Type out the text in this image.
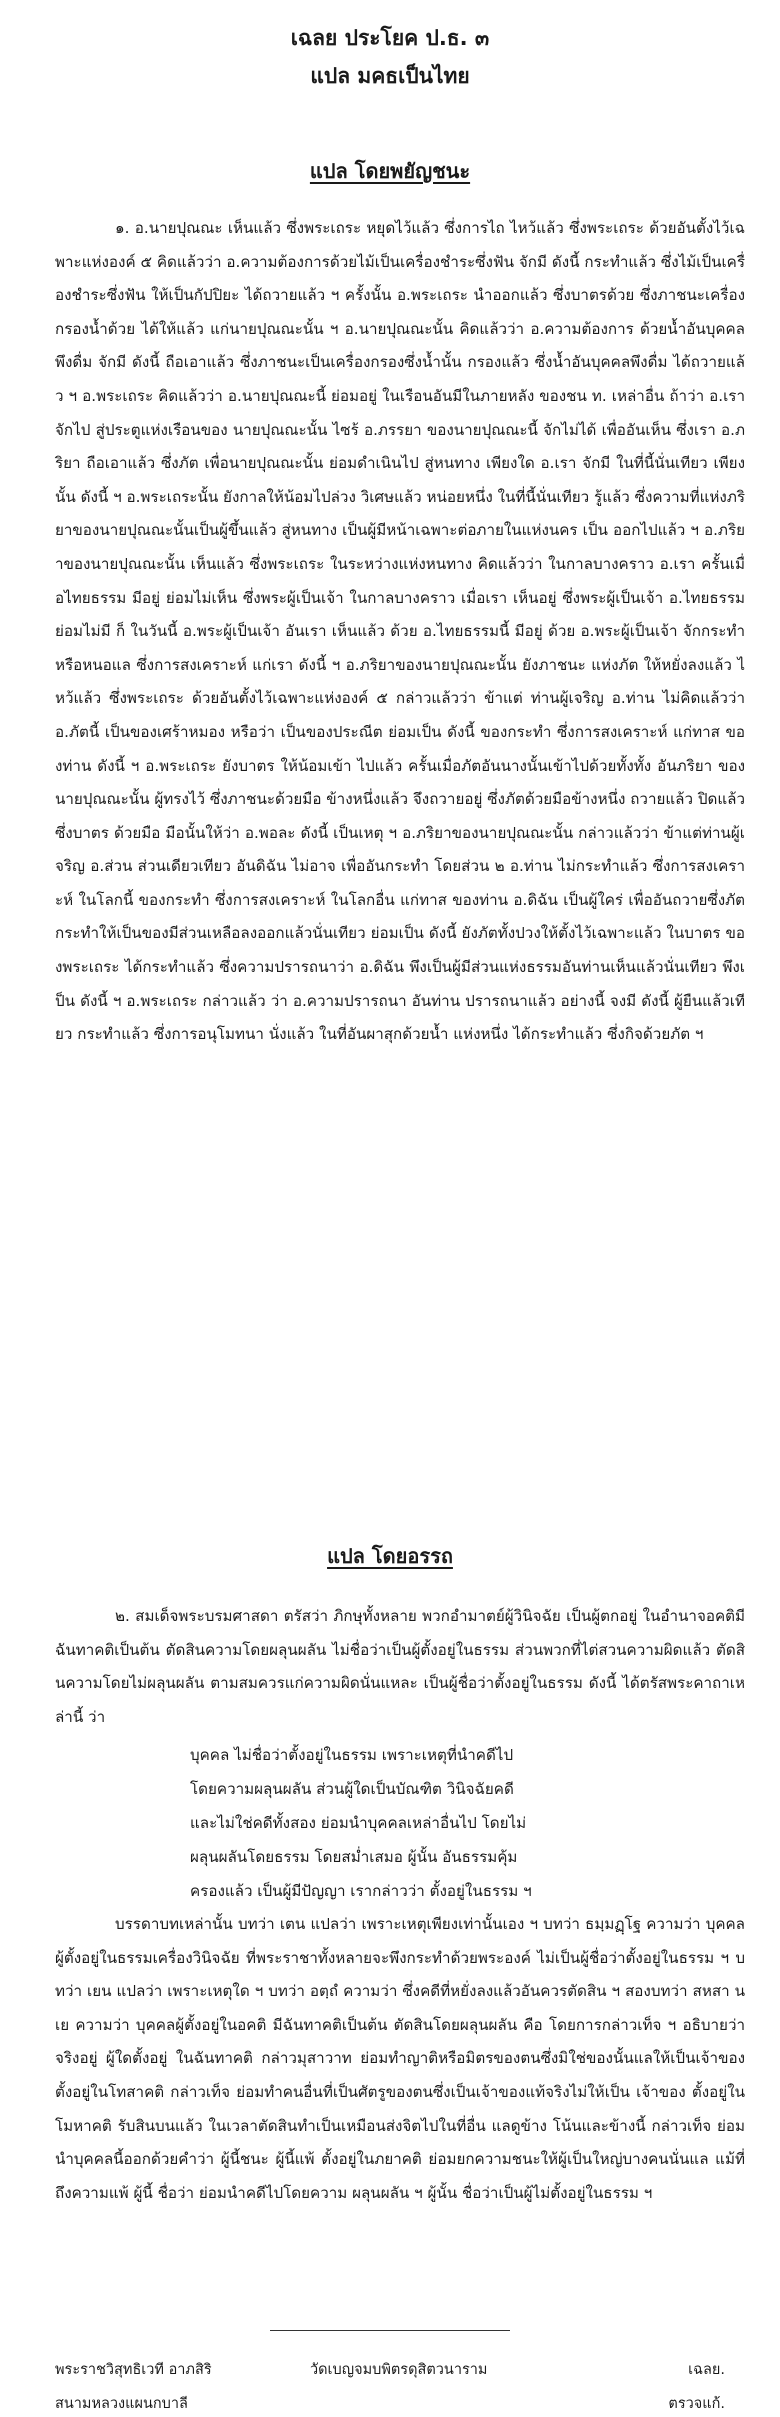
เฉลย ประโยค ป.ธ. ๓
แปล มคธเป็นไทย
แปล โดยพยัญชนะ

๑. อ.นายปุณณะ เห็นแล้ว ซึ่งพระเถระ หยุดไว้แล้ว ซึ่งการไถ ไหว้แล้ว ซึ่งพระเถระ ด้วยอันตั้งไว้เฉพาะแห่งองค์ ๕ คิดแล้วว่า อ.ความต้องการด้วยไม้เป็นเครื่องชำระซึ่งฟัน จักมี ดังนี้ กระทำแล้ว ซึ่งไม้เป็นเครื่องชำระซึ่งฟัน ให้เป็นกัปปิยะ ได้ถวายแล้ว ฯ ครั้งนั้น อ.พระเถระ นำออกแล้ว ซึ่งบาตรด้วย ซึ่งภาชนะเครื่องกรองน้ำด้วย ได้ให้แล้ว แก่นายปุณณะนั้น ฯ อ.นายปุณณะนั้น คิดแล้วว่า อ.ความต้องการ ด้วยน้ำอันบุคคลพึงดื่ม จักมี ดังนี้ ถือเอาแล้ว ซึ่งภาชนะเป็นเครื่องกรองซึ่งน้ำนั้น กรองแล้ว ซึ่งน้ำอันบุคคลพึงดื่ม ได้ถวายแล้ว ฯ อ.พระเถระ คิดแล้วว่า อ.นายปุณณะนี้ ย่อมอยู่ ในเรือนอันมีในภายหลัง ของชน ท. เหล่าอื่น ถ้าว่า อ.เรา จักไป สู่ประตูแห่งเรือนของ นายปุณณะนั้น ไซร้ อ.ภรรยา ของนายปุณณะนี้ จักไม่ได้ เพื่ออันเห็น ซึ่งเรา อ.ภริยา ถือเอาแล้ว ซึ่งภัต เพื่อนายปุณณะนั้น ย่อมดำเนินไป สู่หนทาง เพียงใด อ.เรา จักมี ในที่นี้นั่นเทียว เพียงนั้น ดังนี้ ฯ อ.พระเถระนั้น ยังกาลให้น้อมไปล่วง วิเศษแล้ว หน่อยหนึ่ง ในที่นี้นั่นเทียว รู้แล้ว ซึ่งความที่แห่งภริยาของนายปุณณะนั้นเป็นผู้ขึ้นแล้ว สู่หนทาง เป็นผู้มีหน้าเฉพาะต่อภายในแห่งนคร เป็น ออกไปแล้ว ฯ อ.ภริยาของนายปุณณะนั้น เห็นแล้ว ซึ่งพระเถระ ในระหว่างแห่งหนทาง คิดแล้วว่า ในกาลบางคราว อ.เรา ครั้นเมื่อไทยธรรม มีอยู่ ย่อมไม่เห็น ซึ่งพระผู้เป็นเจ้า ในกาลบางคราว เมื่อเรา เห็นอยู่ ซึ่งพระผู้เป็นเจ้า อ.ไทยธรรม ย่อมไม่มี ก็ ในวันนี้ อ.พระผู้เป็นเจ้า อันเรา เห็นแล้ว ด้วย อ.ไทยธรรมนี้ มีอยู่ ด้วย อ.พระผู้เป็นเจ้า จักกระทำ หรือหนอแล ซึ่งการสงเคราะห์ แก่เรา ดังนี้ ฯ อ.ภริยาของนายปุณณะนั้น ยังภาชนะ แห่งภัต ให้หยั่งลงแล้ว ไหว้แล้ว ซึ่งพระเถระ ด้วยอันตั้งไว้เฉพาะแห่งองค์ ๕ กล่าวแล้วว่า ข้าแต่ ท่านผู้เจริญ อ.ท่าน ไม่คิดแล้วว่า อ.ภัตนี้ เป็นของเศร้าหมอง หรือว่า เป็นของประณีต ย่อมเป็น ดังนี้ ของกระทำ ซึ่งการสงเคราะห์ แก่ทาส ของท่าน ดังนี้ ฯ อ.พระเถระ ยังบาตร ให้น้อมเข้า ไปแล้ว ครั้นเมื่อภัตอันนางนั้นเข้าไปด้วยทั้งทั้ง อันภริยา ของนายปุณณะนั้น ผู้ทรงไว้ ซึ่งภาชนะด้วยมือ ข้างหนึ่งแล้ว จึงถวายอยู่ ซึ่งภัตด้วยมือข้างหนึ่ง ถวายแล้ว ปิดแล้วซึ่งบาตร ด้วยมือ มือนั้นให้ว่า อ.พอละ ดังนี้ เป็นเหตุ ฯ อ.ภริยาของนายปุณณะนั้น กล่าวแล้วว่า ข้าแต่ท่านผู้เจริญ อ.ส่วน ส่วนเดียวเทียว อันดิฉัน ไม่อาจ เพื่ออันกระทำ โดยส่วน ๒ อ.ท่าน ไม่กระทำแล้ว ซึ่งการสงเคราะห์ ในโลกนี้ ของกระทำ ซึ่งการสงเคราะห์ ในโลกอื่น แก่ทาส ของท่าน อ.ดิฉัน เป็นผู้ใคร่ เพื่ออันถวายซึ่งภัต กระทำให้เป็นของมีส่วนเหลือลงออกแล้วนั่นเทียว ย่อมเป็น ดังนี้ ยังภัตทั้งปวงให้ตั้งไว้เฉพาะแล้ว ในบาตร ของพระเถระ ได้กระทำแล้ว ซึ่งความปรารถนาว่า อ.ดิฉัน พึงเป็นผู้มีส่วนแห่งธรรมอันท่านเห็นแล้วนั่นเทียว พึงเป็น ดังนี้ ฯ อ.พระเถระ กล่าวแล้ว ว่า อ.ความปรารถนา อันท่าน ปรารถนาแล้ว อย่างนี้ จงมี ดังนี้ ผู้ยืนแล้วเทียว กระทำแล้ว ซึ่งการอนุโมทนา นั่งแล้ว ในที่อันผาสุกด้วยน้ำ แห่งหนึ่ง ได้กระทำแล้ว ซึ่งกิจด้วยภัต ฯ

แปล โดยอรรถ

๒. สมเด็จพระบรมศาสดา ตรัสว่า ภิกษุทั้งหลาย พวกอำมาตย์ผู้วินิจฉัย เป็นผู้ตกอยู่ ในอำนาจอคติมีฉันทาคติเป็นต้น ตัดสินความโดยผลุนผลัน ไม่ชื่อว่าเป็นผู้ตั้งอยู่ในธรรม ส่วนพวกที่ไต่สวนความผิดแล้ว ตัดสินความโดยไม่ผลุนผลัน ตามสมควรแก่ความผิดนั่นแหละ เป็นผู้ชื่อว่าตั้งอยู่ในธรรม ดังนี้ ได้ตรัสพระคาถาเหล่านี้ ว่า

บุคคล ไม่ชื่อว่าตั้งอยู่ในธรรม เพราะเหตุที่นำคดีไป
โดยความผลุนผลัน ส่วนผู้ใดเป็นบัณฑิต วินิจฉัยคดี
และไม่ใช่คดีทั้งสอง ย่อมนำบุคคลเหล่าอื่นไป โดยไม่
ผลุนผลันโดยธรรม โดยสม่ำเสมอ ผู้นั้น อันธรรมคุ้ม
ครองแล้ว เป็นผู้มีปัญญา เรากล่าวว่า ตั้งอยู่ในธรรม ฯ

บรรดาบทเหล่านั้น บทว่า เตน แปลว่า เพราะเหตุเพียงเท่านั้นเอง ฯ บทว่า ธมฺมฏฺโฐ ความว่า บุคคลผู้ตั้งอยู่ในธรรมเครื่องวินิจฉัย ที่พระราชาทั้งหลายจะพึงกระทำด้วยพระองค์ ไม่เป็นผู้ชื่อว่าตั้งอยู่ในธรรม ฯ บทว่า เยน แปลว่า เพราะเหตุใด ฯ บทว่า อตฺถํ ความว่า ซึ่งคดีที่หยั่งลงแล้วอันควรตัดสิน ฯ สองบทว่า สหสา นเย ความว่า บุคคลผู้ตั้งอยู่ในอคติ มีฉันทาคติเป็นต้น ตัดสินโดยผลุนผลัน คือ โดยการกล่าวเท็จ ฯ อธิบายว่า จริงอยู่ ผู้ใดตั้งอยู่ ในฉันทาคติ กล่าวมุสาวาท ย่อมทำญาติหรือมิตรของตนซึ่งมิใช่ของนั้นแลให้เป็นเจ้าของ ตั้งอยู่ในโทสาคติ กล่าวเท็จ ย่อมทำคนอื่นที่เป็นศัตรูของตนซึ่งเป็นเจ้าของแท้จริงไม่ให้เป็น เจ้าของ ตั้งอยู่ในโมหาคติ รับสินบนแล้ว ในเวลาตัดสินทำเป็นเหมือนส่งจิตไปในที่อื่น แลดูข้าง โน้นและข้างนี้ กล่าวเท็จ ย่อมนำบุคคลนี้ออกด้วยคำว่า ผู้นี้ชนะ ผู้นี้แพ้ ตั้งอยู่ในภยาคติ ย่อมยกความชนะให้ผู้เป็นใหญ่บางคนนั่นแล แม้ที่ถึงความแพ้ ผู้นี้ ชื่อว่า ย่อมนำคดีไปโดยความ ผลุนผลัน ฯ ผู้นั้น ชื่อว่าเป็นผู้ไม่ตั้งอยู่ในธรรม ฯ

พระราชวิสุทธิเวที อาภสิริ	วัดเบญจมบพิตรดุสิตวนาราม	เฉลย.
สนามหลวงแผนกบาลี	ตรวจแก้.
